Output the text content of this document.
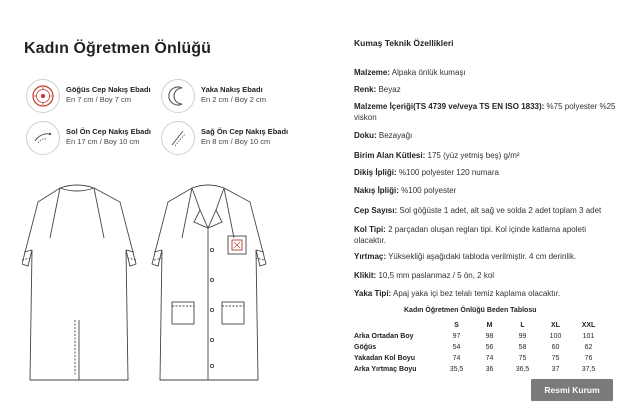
Kadın Öğretmen Önlüğü
Göğüs Cep Nakış Ebadı
En 7 cm / Boy 7 cm
Yaka Nakış Ebadı
En 2 cm / Boy 2 cm
Sol Ön Cep Nakış Ebadı
En 17 cm / Boy 10 cm
Sağ Ön Cep Nakış Ebadı
En 8 cm / Boy 10 cm
Kumaş Teknik Özellikleri
Malzeme: Alpaka önlük kumaşı
Renk: Beyaz
Malzeme İçeriği(TS 4739 ve/veya TS EN ISO 1833): %75 polyester %25 viskon
Doku: Bezayağı
Birim Alan Kütlesi: 175 (yüz yetmiş beş) g/m²
Dikiş İpliği: %100 polyester 120 numara
Nakış İpliği: %100 polyester
Cep Sayısı: Sol göğüste 1 adet, alt sağ ve solda 2 adet toplam 3 adet
Kol Tipi: 2 parçadan oluşan reglan tipi. Kol içinde katlama apoleti olacaktır.
Yırtmaç: Yüksekliği aşağıdaki tabloda verilmiştir. 4 cm derinlik.
Klikit: 10,5 mm paslanmaz / 5 ön, 2 kol
Yaka Tipi: Apaj yaka içi bez telalı temiz kaplama olacaktır.
Kadın Öğretmen Önlüğü Beden Tablosu
	S	M	L	XL	XXL
Arka Ortadan Boy	97	98	99	100	101
Göğüs	54	56	58	60	62
Yakadan Kol Boyu	74	74	75	75	76
Arka Yırtmaç Boyu	35,5	36	36,5	37	37,5
Resmi Kurum
